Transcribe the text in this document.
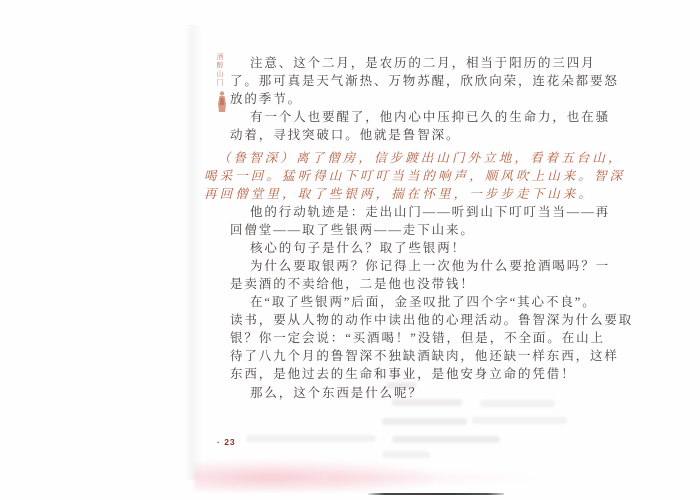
酒醉山门 注意、这个二月，是农历的二月，相当于阳历的三四月
了。那可真是天气渐热、万物苏醒，欣欣向荣，连花朵都要怒
放的季节。
有一个人也要醒了，他内心中压抑已久的生命力，也在骚
动着，寻找突破口。他就是鲁智深。
（鲁智深）离了僧房，信步踱出山门外立地，看着五台山，
喝采一回。猛听得山下叮叮当当的响声，顺风吹上山来。智深
再回僧堂里，取了些银两，揣在怀里，一步步走下山来。
他的行动轨迹是：走出山门——听到山下叮叮当当——再
回僧堂——取了些银两——走下山来。
核心的句子是什么？取了些银两！
为什么要取银两？你记得上一次他为什么要抢酒喝吗？一
是卖酒的不卖给他，二是他也没带钱！
在“取了些银两”后面，金圣叹批了四个字“其心不良”。
读书，要从人物的动作中读出他的心理活动。鲁智深为什么要取
银？你一定会说：“买酒喝！”没错，但是，不全面。在山上
待了八九个月的鲁智深不独缺酒缺肉，他还缺一样东西，这样
东西，是他过去的生命和事业，是他安身立命的凭借！
那么，这个东西是什么呢？
· 23
